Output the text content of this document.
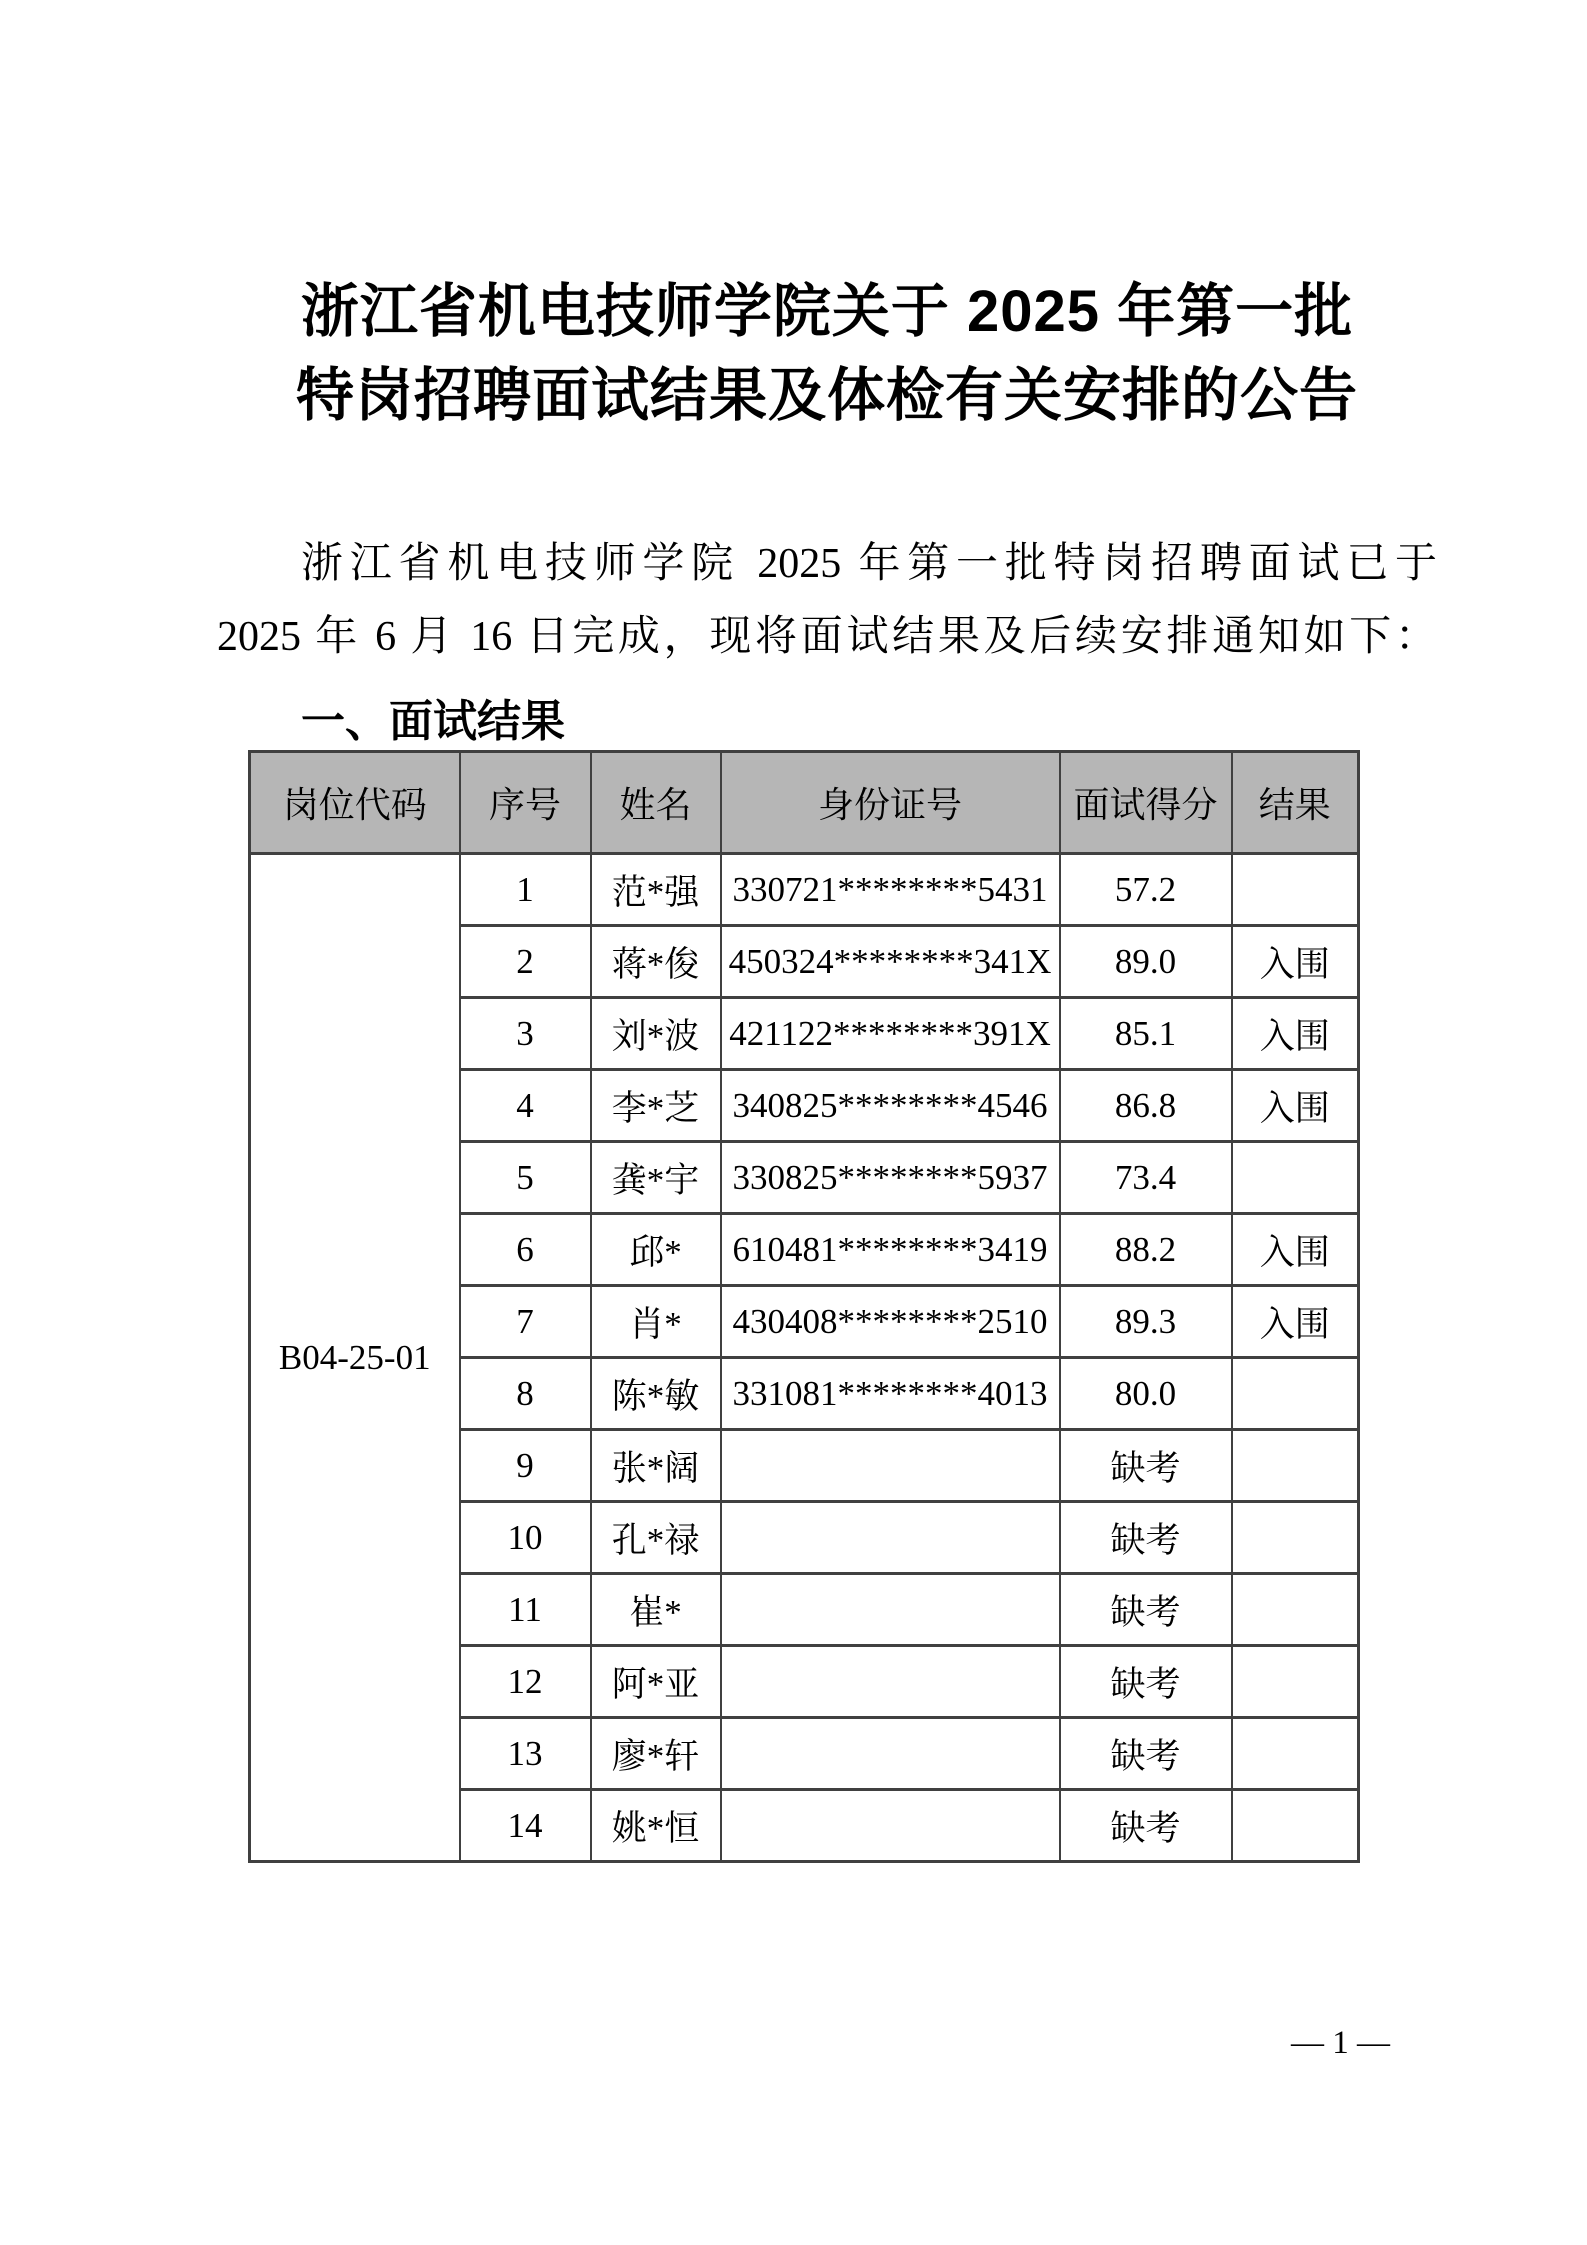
浙江省机电技师学院关于 2025 年第一批
特岗招聘面试结果及体检有关安排的公告
浙江省机电技师学院 2025 年第一批特岗招聘面试已于
2025 年 6 月 16 日完成，现将面试结果及后续安排通知如下：
一、面试结果
岗位代码	序号	姓名	身份证号	面试得分	结果
B04-25-01	1	范*强	330721********5431	57.2	
	2	蒋*俊	450324********341X	89.0	入围
	3	刘*波	421122********391X	85.1	入围
	4	李*芝	340825********4546	86.8	入围
	5	龚*宇	330825********5937	73.4	
	6	邱*	610481********3419	88.2	入围
	7	肖*	430408********2510	89.3	入围
	8	陈*敏	331081********4013	80.0	
	9	张*阔		缺考	
	10	孔*禄		缺考	
	11	崔*		缺考	
	12	阿*亚		缺考	
	13	廖*轩		缺考	
	14	姚*恒		缺考	
— 1 —
